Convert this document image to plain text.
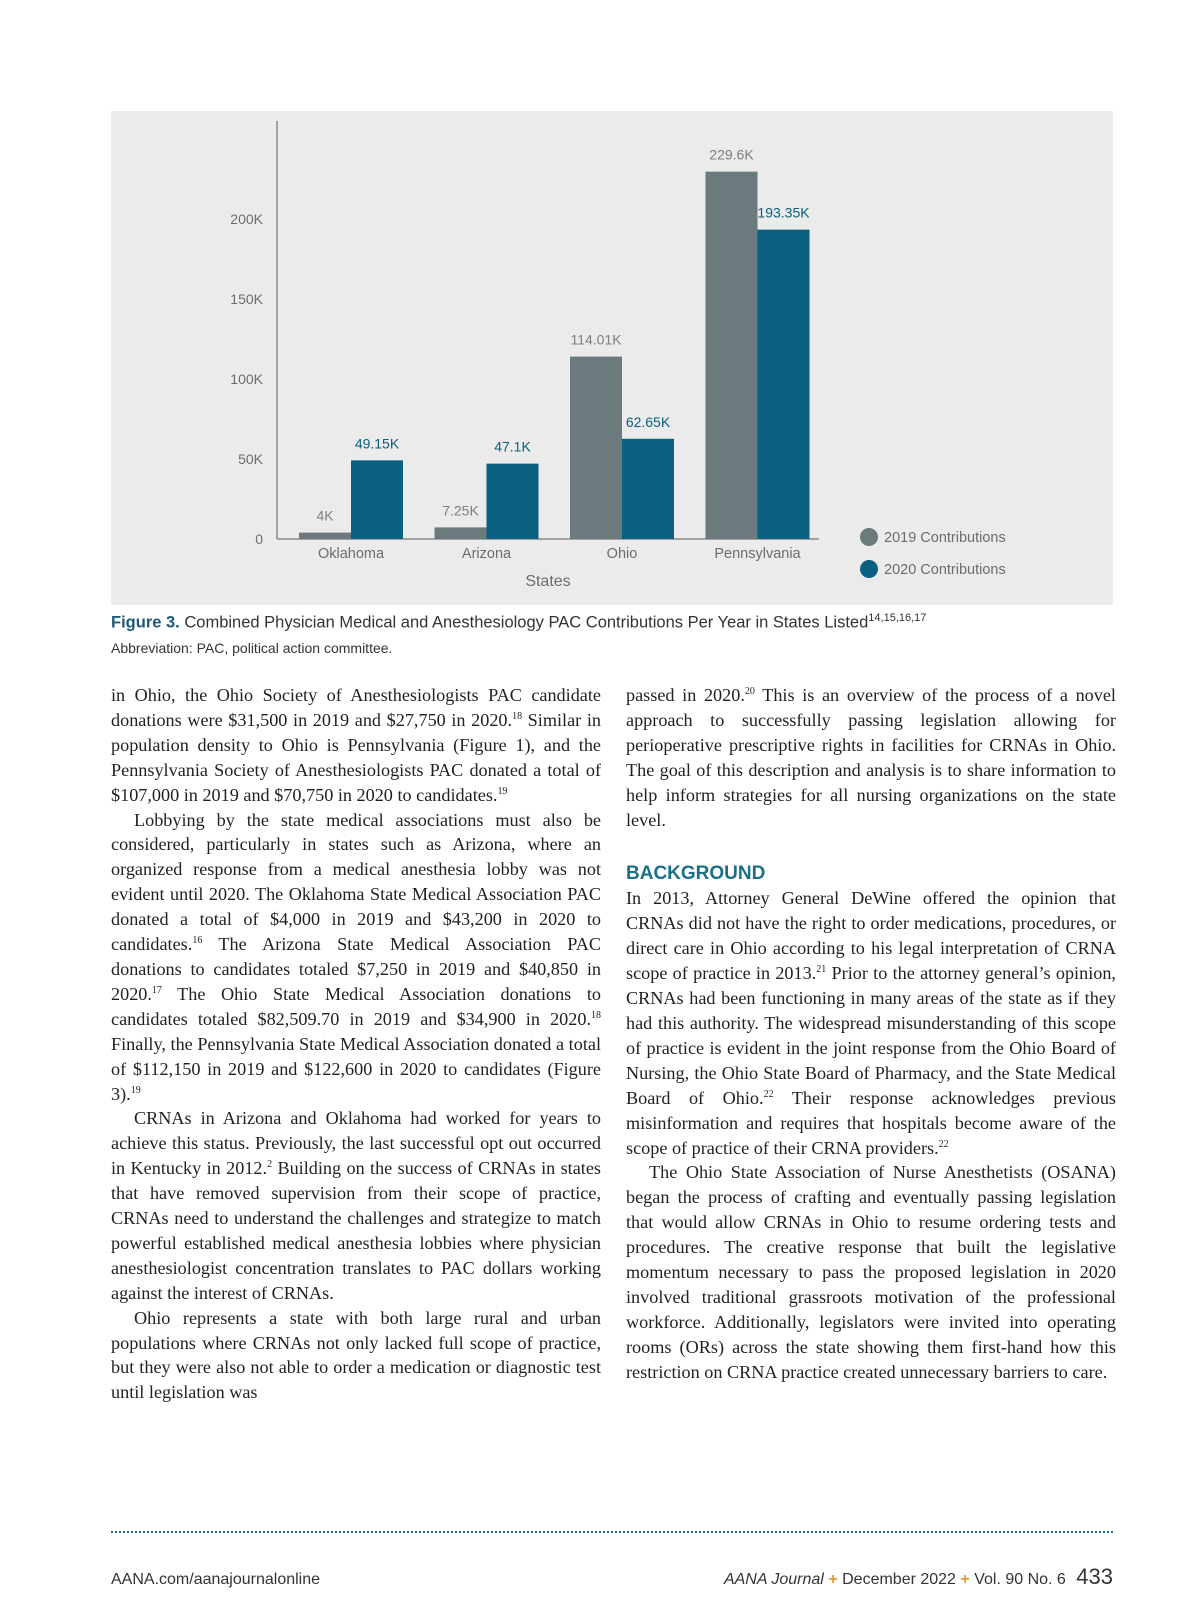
0
50K
100K
150K
200K
4K
49.15K
Oklahoma
7.25K
47.1K
Arizona
114.01K
62.65K
Ohio
229.6K
193.35K
Pennsylvania
States
2019 Contributions
2020 Contributions
Figure 3. Combined Physician Medical and Anesthesiology PAC Contributions Per Year in States Listed$^{14,15,16,17}$
Abbreviation: PAC, political action committee.

in Ohio, the Ohio Society of Anesthesiologists PAC candidate donations were $31,500 in 2019 and $27,750 in 2020.18 Similar in population density to Ohio is Pennsylvania (Figure 1), and the Pennsylvania Society of Anesthesiologists PAC donated a total of $107,000 in 2019 and $70,750 in 2020 to candidates.$^{19}$

Lobbying by the state medical associations must also be considered, particularly in states such as Arizona, where an organized response from a medical anesthesia lobby was not evident until 2020. The Oklahoma State Medical Association PAC donated a total of $4,000 in 2019 and $43,200 in 2020 to candidates.$^{16}$ The Arizona State Medical Association PAC donations to candidates totaled $7,250 in 2019 and $40,850 in 2020.17 The Ohio State Medical Association donations to candidates totaled $82,509.70 in 2019 and $34,900 in 2020.18 Finally, the Pennsylvania State Medical Association donated a total of $112,150 in 2019 and $122,600 in 2020 to candidates (Figure 3).$^{19}$

CRNAs in Arizona and Oklahoma had worked for years to achieve this status. Previously, the last successful opt out occurred in Kentucky in 2012.$^2$ Building on the success of CRNAs in states that have removed supervision from their scope of practice, CRNAs need to understand the challenges and strategize to match powerful established medical anesthesia lobbies where physician anesthesiologist concentration translates to PAC dollars working against the interest of CRNAs.

Ohio represents a state with both large rural and urban populations where CRNAs not only lacked full scope of practice, but they were also not able to order a medication or diagnostic test until legislation was

passed in 2020.20 This is an overview of the process of a novel approach to successfully passing legislation allowing for perioperative prescriptive rights in facilities for CRNAs in Ohio. The goal of this description and analysis is to share information to help inform strategies for all nursing organizations on the state level.

BACKGROUND

In 2013, Attorney General DeWine offered the opinion that CRNAs did not have the right to order medications, procedures, or direct care in Ohio according to his legal interpretation of CRNA scope of practice in 2013.21 Prior to the attorney general’s opinion, CRNAs had been functioning in many areas of the state as if they had this authority. The widespread misunderstanding of this scope of practice is evident in the joint response from the Ohio Board of Nursing, the Ohio State Board of Pharmacy, and the State Medical Board of Ohio.$^{22}$ Their response acknowledges previous misinformation and requires that hospitals become aware of the scope of practice of their CRNA providers.$^{22}$

The Ohio State Association of Nurse Anesthetists (OSANA) began the process of crafting and eventually passing legislation that would allow CRNAs in Ohio to resume ordering tests and procedures. The creative response that built the legislative momentum necessary to pass the proposed legislation in 2020 involved traditional grassroots motivation of the professional workforce. Additionally, legislators were invited into operating rooms (ORs) across the state showing them first-hand how this restriction on CRNA practice created unnecessary barriers to care.

AANA.com/aanajournalonline	AANA Journal + December 2022 + Vol. 90 No. 6 433
